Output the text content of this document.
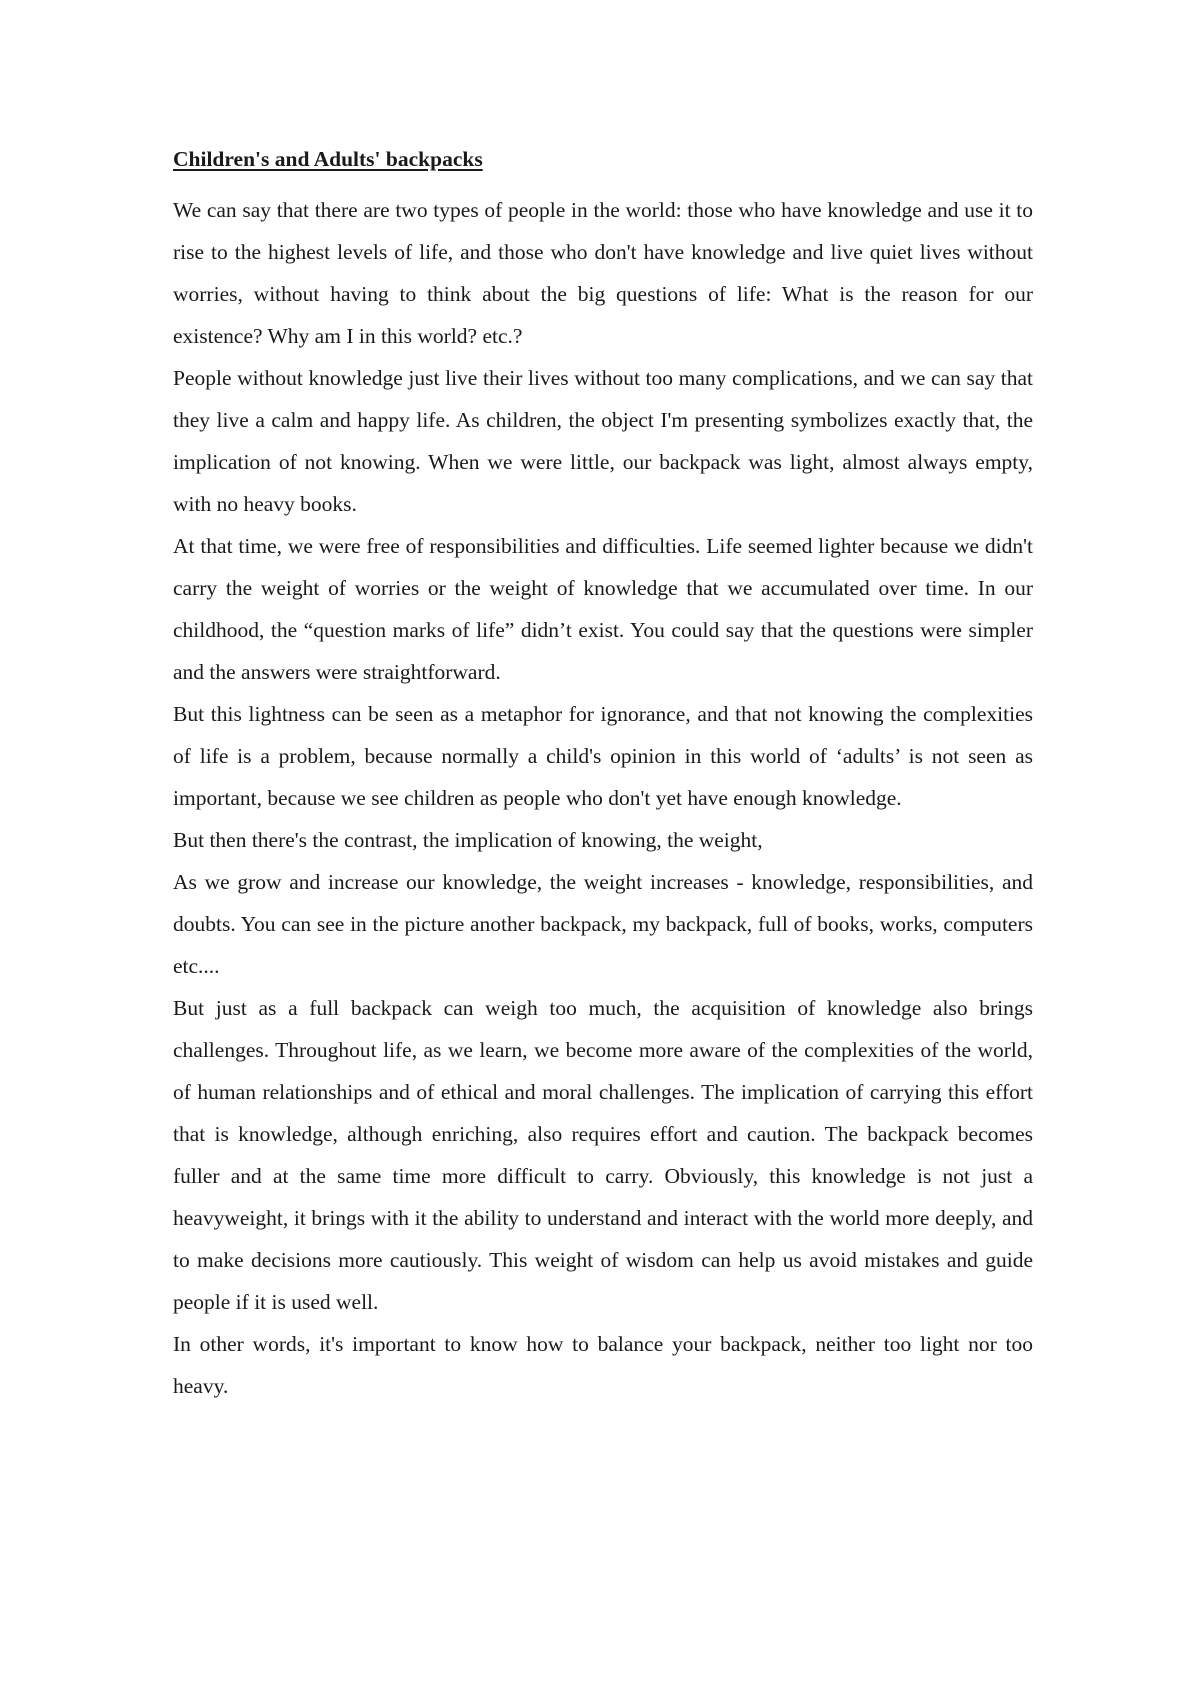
Children's and Adults' backpacks

We can say that there are two types of people in the world: those who have knowledge and use it to rise to the highest levels of life, and those who don't have knowledge and live quiet lives without worries, without having to think about the big questions of life: What is the reason for our existence? Why am I in this world? etc.?

People without knowledge just live their lives without too many complications, and we can say that they live a calm and happy life. As children, the object I'm presenting symbolizes exactly that, the implication of not knowing. When we were little, our backpack was light, almost always empty, with no heavy books.

At that time, we were free of responsibilities and difficulties. Life seemed lighter because we didn't carry the weight of worries or the weight of knowledge that we accumulated over time. In our childhood, the “question marks of life” didn’t exist. You could say that the questions were simpler and the answers were straightforward.

But this lightness can be seen as a metaphor for ignorance, and that not knowing the complexities of life is a problem, because normally a child's opinion in this world of ‘adults’ is not seen as important, because we see children as people who don't yet have enough knowledge.

But then there's the contrast, the implication of knowing, the weight,

As we grow and increase our knowledge, the weight increases - knowledge, responsibilities, and doubts. You can see in the picture another backpack, my backpack, full of books, works, computers etc....

But just as a full backpack can weigh too much, the acquisition of knowledge also brings challenges. Throughout life, as we learn, we become more aware of the complexities of the world, of human relationships and of ethical and moral challenges. The implication of carrying this effort that is knowledge, although enriching, also requires effort and caution. The backpack becomes fuller and at the same time more difficult to carry. Obviously, this knowledge is not just a heavyweight, it brings with it the ability to understand and interact with the world more deeply, and to make decisions more cautiously. This weight of wisdom can help us avoid mistakes and guide people if it is used well.

In other words, it's important to know how to balance your backpack, neither too light nor too heavy.
